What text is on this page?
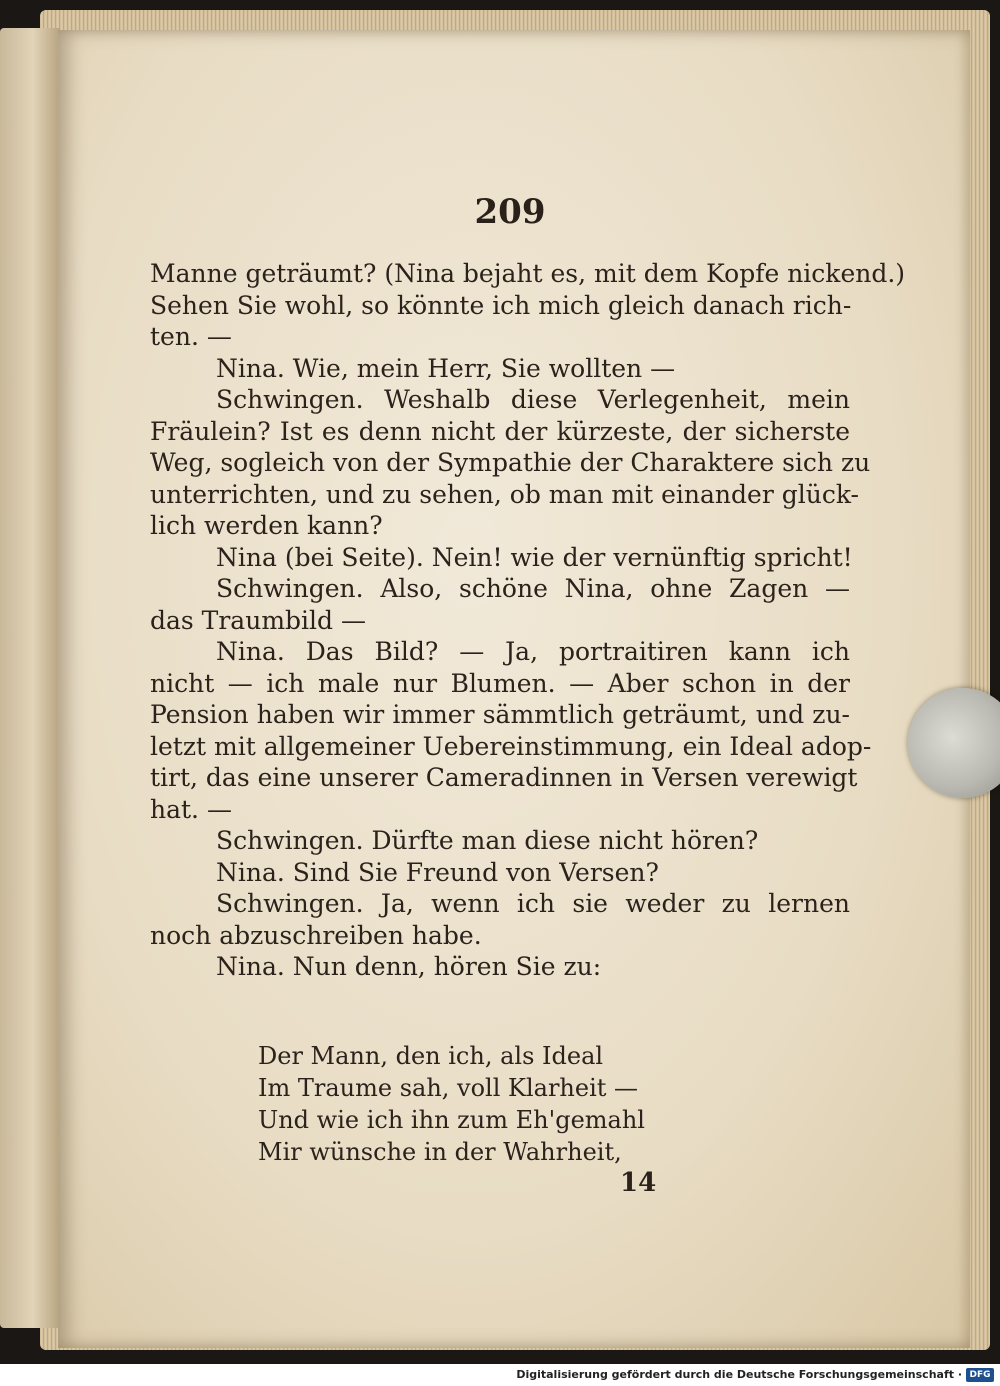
209
Manne geträumt? (Nina bejaht es, mit dem Kopfe nickend.)
Sehen Sie wohl, so könnte ich mich gleich danach rich-
ten. —
Nina. Wie, mein Herr, Sie wollten —
Schwingen. Weshalb diese Verlegenheit, mein
Fräulein? Ist es denn nicht der kürzeste, der sicherste
Weg, sogleich von der Sympathie der Charaktere sich zu
unterrichten, und zu sehen, ob man mit einander glück-
lich werden kann?
Nina (bei Seite). Nein! wie der vernünftig spricht!
Schwingen. Also, schöne Nina, ohne Zagen —
das Traumbild —
Nina. Das Bild? — Ja, portraitiren kann ich
nicht — ich male nur Blumen. — Aber schon in der
Pension haben wir immer sämmtlich geträumt, und zu-
letzt mit allgemeiner Uebereinstimmung, ein Ideal adop-
tirt, das eine unserer Cameradinnen in Versen verewigt
hat. —
Schwingen. Dürfte man diese nicht hören?
Nina. Sind Sie Freund von Versen?
Schwingen. Ja, wenn ich sie weder zu lernen
noch abzuschreiben habe.
Nina. Nun denn, hören Sie zu:
Der Mann, den ich, als Ideal
Im Traume sah, voll Klarheit —
Und wie ich ihn zum Eh'gemahl
Mir wünsche in der Wahrheit,
14
Digitalisierung gefördert durch die Deutsche Forschungsgemeinschaft · DFG
